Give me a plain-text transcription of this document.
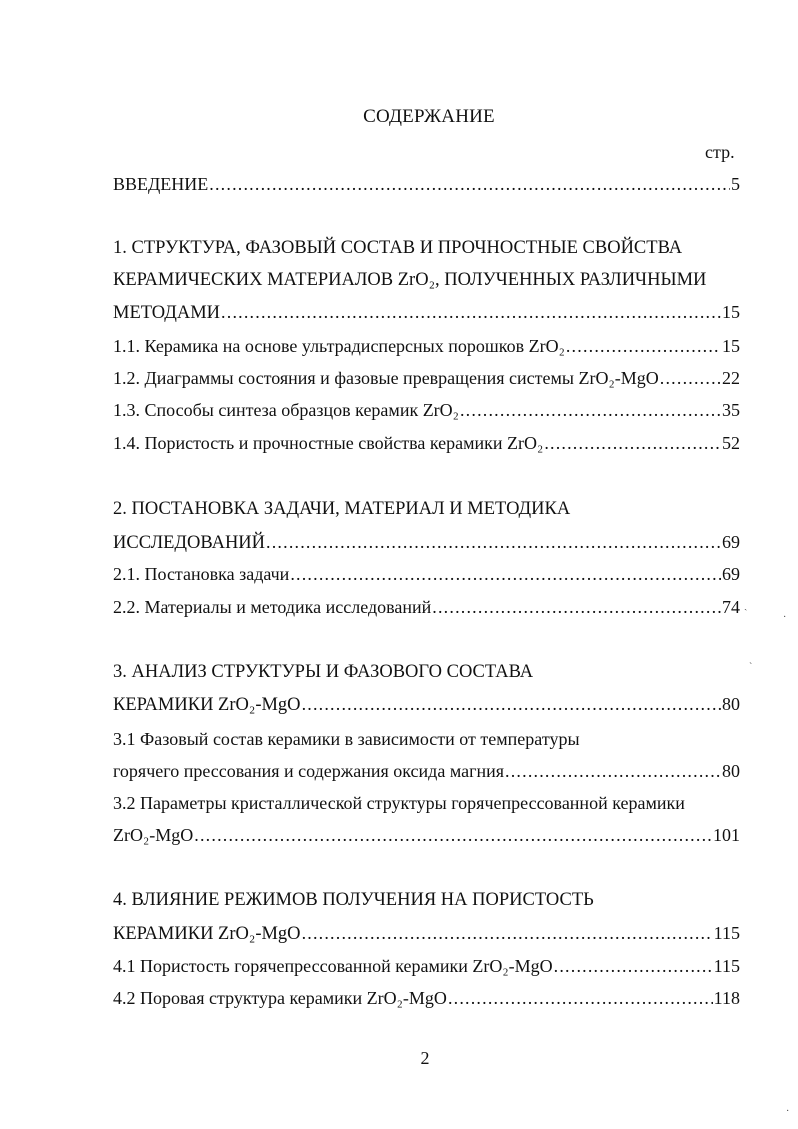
СОДЕРЖАНИЕ
стр.
ВВЕДЕНИЕ .....	5
1. СТРУКТУРА, ФАЗОВЫЙ СОСТАВ И ПРОЧНОСТНЫЕ СВОЙСТВА
КЕРАМИЧЕСКИХ МАТЕРИАЛОВ ZrO₂, ПОЛУЧЕННЫХ РАЗЛИЧНЫМИ
МЕТОДАМИ .....	15
1.1. Керамика на основе ультрадисперсных порошков ZrO₂ .....	15
1.2. Диаграммы состояния и фазовые превращения системы ZrO₂-MgO .....	22
1.3. Способы синтеза образцов керамик ZrO₂ .....	35
1.4. Пористость и прочностные свойства керамики ZrO₂ .....	52
2. ПОСТАНОВКА ЗАДАЧИ, МАТЕРИАЛ И МЕТОДИКА
ИССЛЕДОВАНИЙ .....	69
2.1. Постановка задачи .....	69
2.2. Материалы и методика исследований .....	74
3. АНАЛИЗ СТРУКТУРЫ И ФАЗОВОГО СОСТАВА
КЕРАМИКИ ZrO₂-MgO .....	80
3.1 Фазовый состав керамики в зависимости от температуры
горячего прессования и содержания оксида магния .....	80
3.2 Параметры кристаллической структуры горячепрессованной керамики
ZrO₂-MgO .....	101
4. ВЛИЯНИЕ РЕЖИМОВ ПОЛУЧЕНИЯ НА ПОРИСТОСТЬ
КЕРАМИКИ ZrO₂-MgO .....	115
4.1 Пористость горячепрессованной керамики ZrO₂-MgO .....	115
4.2 Поровая структура керамики ZrO₂-MgO .....	118
2
ˎ
·
ˋ
·
